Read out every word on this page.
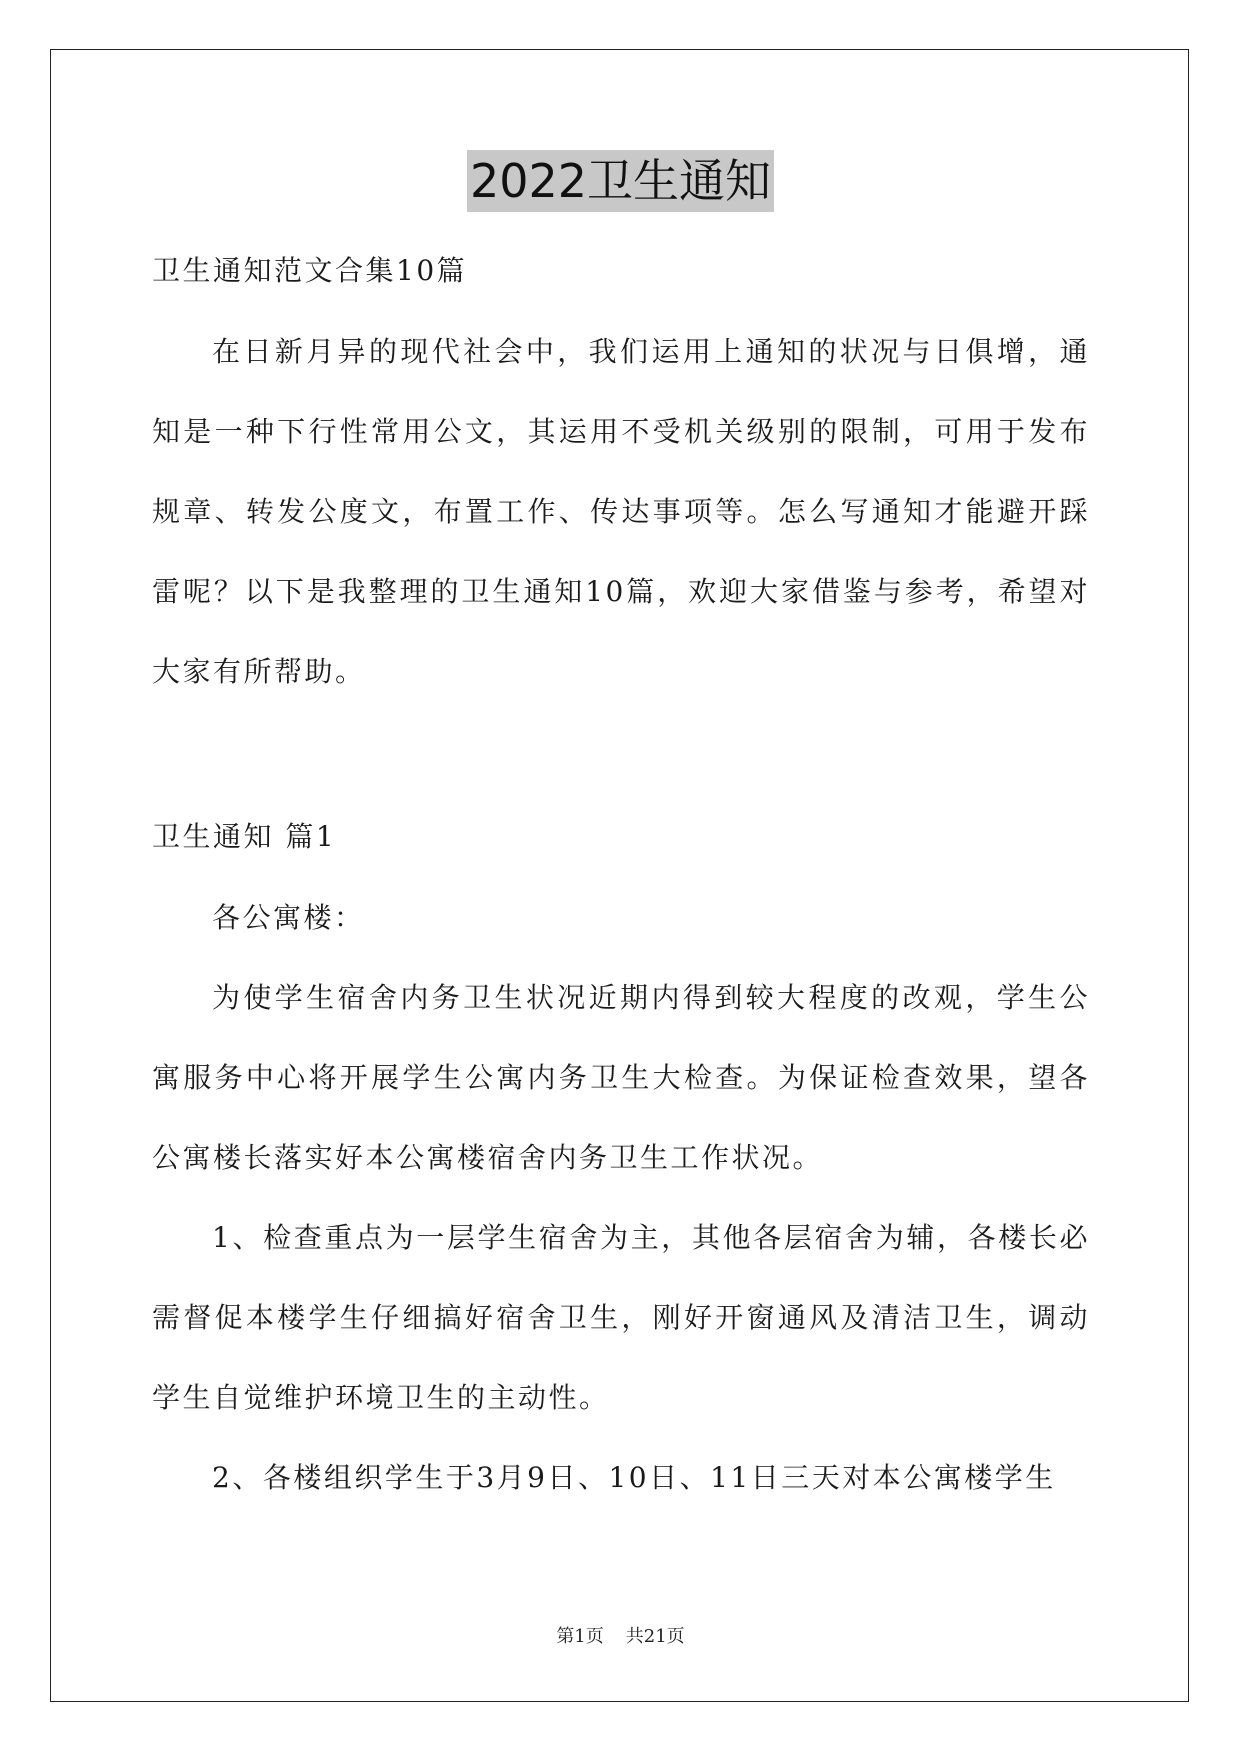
2022卫生通知

卫生通知范文合集10篇

在日新月异的现代社会中，我们运用上通知的状况与日俱增，通知是一种下行性常用公文，其运用不受机关级别的限制，可用于发布规章、转发公度文，布置工作、传达事项等。怎么写通知才能避开踩雷呢？以下是我整理的卫生通知10篇，欢迎大家借鉴与参考，希望对大家有所帮助。

卫生通知 篇1

各公寓楼：

为使学生宿舍内务卫生状况近期内得到较大程度的改观，学生公寓服务中心将开展学生公寓内务卫生大检查。为保证检查效果，望各公寓楼长落实好本公寓楼宿舍内务卫生工作状况。

1、检查重点为一层学生宿舍为主，其他各层宿舍为辅，各楼长必需督促本楼学生仔细搞好宿舍卫生，刚好开窗通风及清洁卫生，调动学生自觉维护环境卫生的主动性。

2、各楼组织学生于3月9日、10日、11日三天对本公寓楼学生

第1页 共21页
